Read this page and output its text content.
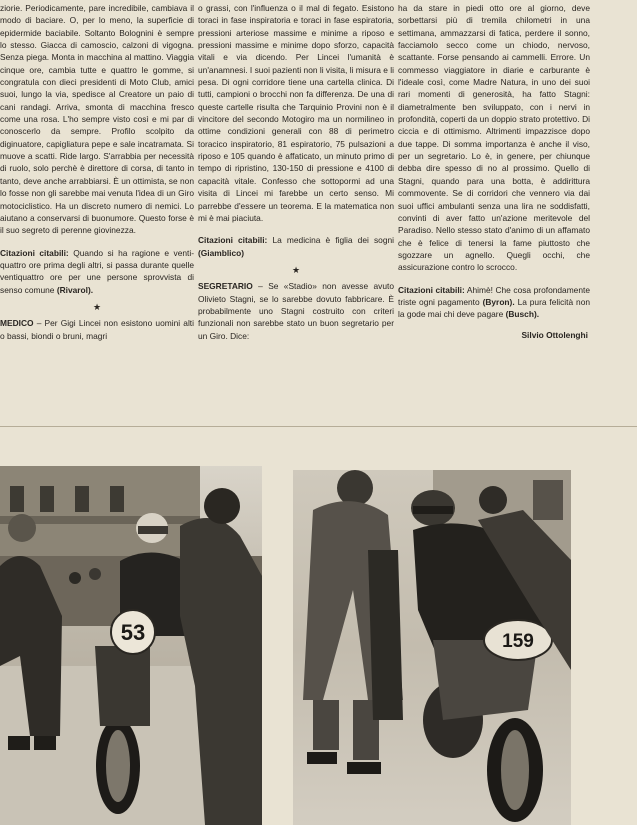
ziorie. Periodicamente, pare incredibile, cambiava il modo di baciare. O, per lo meno, la superficie di epidermide baciabile. Soltanto Bolognini è sempre lo stesso. Giacca di camoscio, calzoni di vigogna. Senza piega. Monta in macchina al mattino. Viaggia cinque ore, cambia tutte e quattro le gomme, si congratula con dieci presidenti di Moto Club, amici suoi, lungo la via, spedisce al Creatore un paio di cani randagi. Arriva, smonta di macchina fresco come una rosa. L'ho sempre visto così e mi par di conoscerlo da sempre. Profilo scolpito da diginuatore, capigliatura pepe e sale incatramata. Si muove a scatti. Ride largo. S'arrabbia per necessità di ruolo, solo perchè è direttore di corsa, di tanto in tanto, deve anche arrabbiarsi. È un ottimista, se non lo fosse non gli sarebbe mai venuta l'idea di un Giro motociclistico. Ha un discreto numero di nemici. Lo aiutano a conservarsi di buonumore. Questo forse è il suo segreto di perenne giovinezza.

Citazioni citabili: Quando si ha ragione e venti-quattro ore prima degli altri, si passa durante quelle ventiquattro ore per une persone sprovvista di senso comune (Rivarol).

★

MEDICO – Per Gigi Lincei non esistono uomini alti o bassi, biondi o bruni, magri

o grassi, con l'influenza o il mal di fegato. Esistono toraci in fase inspiratoria e toraci in fase espiratoria, pressioni arteriose massime e minime a riposo e pressioni massime e minime dopo sforzo, capacità vitali e via dicendo. Per Lincei l'umanità è un'anamnesi. I suoi pazienti non li visita, li misura e li pesa. Di ogni corridore tiene una cartella clinica. Di tutti, campioni o brocchi non fa differenza. De una di queste cartelle risulta che Tarquinio Provini non è il vincitore del secondo Motogiro ma un normilineo in ottime condizioni generali con 88 di perimetro toracico inspiratorio, 81 espiratorio, 75 pulsazioni a riposo e 105 quando è affaticato, un minuto primo di tempo di ripristino, 130-150 di pressione e 4100 di capacità vitale. Confesso che sottopormi ad una visita di Lincei mi farebbe un certo senso. Mi parrebbe d'essere un teorema. E la matematica non mi è mai piaciuta.

Citazioni citabili: La medicina è figlia dei sogni (Giamblico)

★

SEGRETARIO – Se «Stadio» non avesse avuto Olivieto Stagni, se lo sarebbe dovuto fabbricare. È probabilmente uno Stagni costruito con criteri funzionali non sarebbe stato un buon segretario per un Giro. Dice:

ha da stare in piedi otto ore al giorno, deve sorbettarsi più di tremila chilometri in una settimana, ammazzarsi di fatica, perdere il sonno, facciamolo secco come un chiodo, nervoso, scattante. Forse pensando ai cammelli. Errore. Un commesso viaggiatore in diarie e carburante è l'ideale così, come Madre Natura, in uno dei suoi rari momenti di generosità, ha fatto Stagni: diametralmente ben sviluppato, con i nervi in profondità, coperti da un doppio strato protettivo. Di ciccia e di ottimismo. Altrimenti impazzisce dopo due tappe. Di somma importanza è anche il viso, per un segretario. Lo è, in genere, per chiunque debba dire spesso di no al prossimo. Quello di Stagni, quando para una botta, è addirittura commovente. Se di corridori che vennero via dai suoi uffici ambulanti senza una lira ne soddisfatti, convinti di aver fatto un'azione meritevole del Paradiso. Nello stesso stato d'animo di un affamato che è felice di tenersi la fame piuttosto che sgozzare un agnello. Quegli occhi, che assicurazione contro lo scrocco.

Citazioni citabili: Ahimè! Che cosa profondamente triste ogni pagamento (Byron). La pura felicità non la gode mai chi deve pagare (Busch).

Silvio Ottolenghi
53	159
